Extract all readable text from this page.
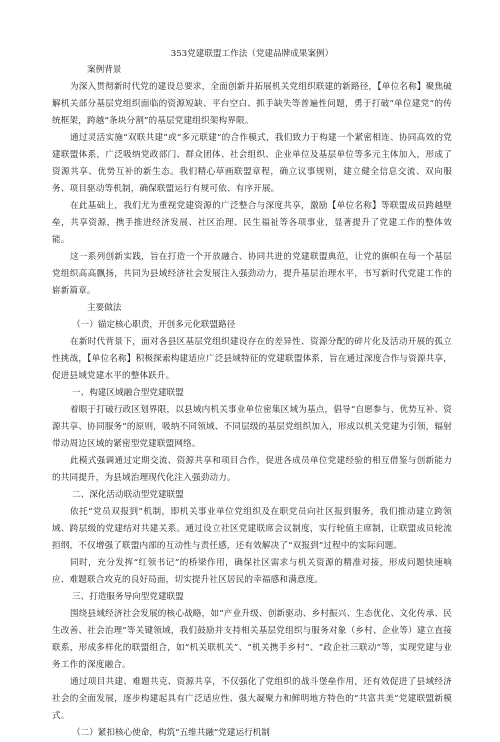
353党建联盟工作法（党建品牌成果案例）

案例背景

为深入贯彻新时代党的建设总要求，全面创新并拓展机关党组织联建的新路径，【单位名称】聚焦破解机关部分基层党组织面临的资源短缺、平台空白、抓手缺失等普遍性问题，勇于打破“单位建党”的传统框架，跨越“条块分割”的基层党建组织架构界限。

通过灵活实施“双联共建”或“多元联建”的合作模式，我们致力于构建一个紧密相连、协同高效的党建联盟体系，广泛吸纳党政部门、群众团体、社会组织、企业单位及基层单位等多元主体加入，形成了资源共享、优势互补的新生态。我们精心草画联盟章程，确立议事规则，建立健全信息交流、双向服务、项目驱动等机制，确保联盟运行有规可依、有序开展。

在此基础上，我们尤为重视党建资源的广泛整合与深度共享，激励【单位名称】等联盟成员跨越壁垒，共享资源，携手推进经济发展、社区治理、民生福祉等各项事业，显著提升了党建工作的整体效能。

这一系列创新实践，旨在打造一个开放融合、协同共进的党建联盟典范，让党的旗帜在每一个基层党组织高高飘扬，共同为县域经济社会发展注入强劲动力，提升基层治理水平，书写新时代党建工作的崭新篇章。

主要做法

（一）锚定核心职责，开创多元化联盟路径

在新时代背景下，面对各县区基层党组织建设存在的差异性、资源分配的碎片化及活动开展的孤立性挑战，【单位名称】积极探索构建适应广泛县域特征的党建联盟体系，旨在通过深度合作与资源共享，促进县域党建水平的整体跃升。

一、构建区域融合型党建联盟

着眼于打破行政区划界限，以县域内机关事业单位密集区域为基点，倡导“自愿参与、优势互补、资源共享、协同服务”的原则，吸纳不同领域、不同层级的基层党组织加入，形成以机关党建为引领，辐射带动周边区域的紧密型党建联盟网络。

此模式强调通过定期交流、资源共享和项目合作，促进各成员单位党建经验的相互借鉴与创新能力的共同提升，为县域治理现代化注入强劲动力。

二、深化活动联动型党建联盟

依托“党员双报到”机制，即机关事业单位党组织及在职党员向社区报到服务，我们推动建立跨领域、跨层级的党建结对共建关系。通过设立社区党建联席会议制度，实行轮值主席制，让联盟成员轮流担纲，不仅增强了联盟内部的互动性与责任感，还有效解决了“双报到”过程中的实际问题。

同时，充分发挥“红领书记”的桥梁作用，确保社区需求与机关资源的精准对接，形成问题快速响应、难题联合攻克的良好局面，切实提升社区居民的幸福感和满意度。

三、打造服务导向型党建联盟

围绕县域经济社会发展的核心战略，如“产业升级、创新驱动、乡村振兴、生态优化、文化传承、民生改善、社会治理”等关键领域，我们鼓励并支持相关基层党组织与服务对象（乡村、企业等）建立直接联系，形成多样化的联盟组合，如“机关联机关”、“机关携手乡村”、“政企社三联动”等，实现党建与业务工作的深度融合。

通过项目共建、难题共克、资源共享，不仅强化了党组织的战斗堡垒作用，还有效促进了县域经济社会的全面发展，逐步构建起具有广泛适应性、强大凝聚力和鲜明地方特色的“共富共美”党建联盟新模式。

（二）紧扣核心使命，构筑“五维共融”党建运行机制
